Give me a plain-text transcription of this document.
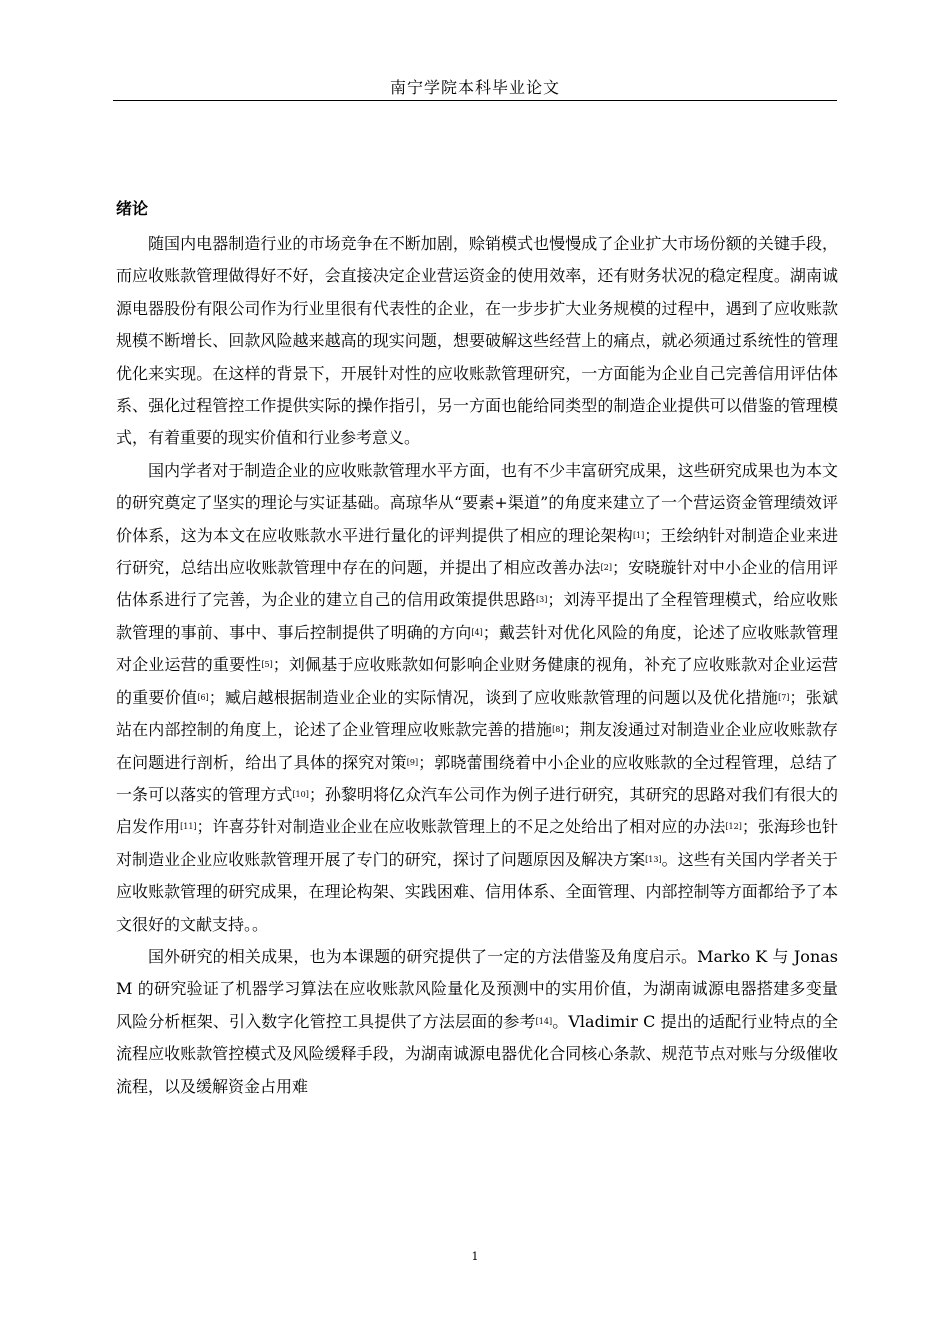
南宁学院本科毕业论文
绪论

随国内电器制造行业的市场竞争在不断加剧，赊销模式也慢慢成了企业扩大市场份额的关键手段，而应收账款管理做得好不好，会直接决定企业营运资金的使用效率，还有财务状况的稳定程度。湖南诚源电器股份有限公司作为行业里很有代表性的企业，在一步步扩大业务规模的过程中，遇到了应收账款规模不断增长、回款风险越来越高的现实问题，想要破解这些经营上的痛点，就必须通过系统性的管理优化来实现。在这样的背景下，开展针对性的应收账款管理研究，一方面能为企业自己完善信用评估体系、强化过程管控工作提供实际的操作指引，另一方面也能给同类型的制造企业提供可以借鉴的管理模式，有着重要的现实价值和行业参考意义。

国内学者对于制造企业的应收账款管理水平方面，也有不少丰富研究成果，这些研究成果也为本文的研究奠定了坚实的理论与实证基础。高琼华从“要素+渠道”的角度来建立了一个营运资金管理绩效评价体系，这为本文在应收账款水平进行量化的评判提供了相应的理论架构[1]；王绘纳针对制造企业来进行研究，总结出应收账款管理中存在的问题，并提出了相应改善办法[2]；安晓璇针对中小企业的信用评估体系进行了完善，为企业的建立自己的信用政策提供思路[3]；刘涛平提出了全程管理模式，给应收账款管理的事前、事中、事后控制提供了明确的方向[4]；戴芸针对优化风险的角度，论述了应收账款管理对企业运营的重要性[5]；刘佩基于应收账款如何影响企业财务健康的视角，补充了应收账款对企业运营的重要价值[6]；臧启越根据制造业企业的实际情况，谈到了应收账款管理的问题以及优化措施[7]；张斌站在内部控制的角度上，论述了企业管理应收账款完善的措施[8]；荆友浚通过对制造业企业应收账款存在问题进行剖析，给出了具体的探究对策[9]；郭晓蕾围绕着中小企业的应收账款的全过程管理，总结了一条可以落实的管理方式[10]；孙黎明将亿众汽车公司作为例子进行研究，其研究的思路对我们有很大的启发作用[11]；许喜芬针对制造业企业在应收账款管理上的不足之处给出了相对应的办法[12]；张海珍也针对制造业企业应收账款管理开展了专门的研究，探讨了问题原因及解决方案[13]。这些有关国内学者关于应收账款管理的研究成果，在理论构架、实践困难、信用体系、全面管理、内部控制等方面都给予了本文很好的文献支持。。

国外研究的相关成果，也为本课题的研究提供了一定的方法借鉴及角度启示。Marko K 与 Jonas M 的研究验证了机器学习算法在应收账款风险量化及预测中的实用价值，为湖南诚源电器搭建多变量风险分析框架、引入数字化管控工具提供了方法层面的参考[14]。Vladimir C 提出的适配行业特点的全流程应收账款管控模式及风险缓释手段，为湖南诚源电器优化合同核心条款、规范节点对账与分级催收流程，以及缓解资金占用难

1
